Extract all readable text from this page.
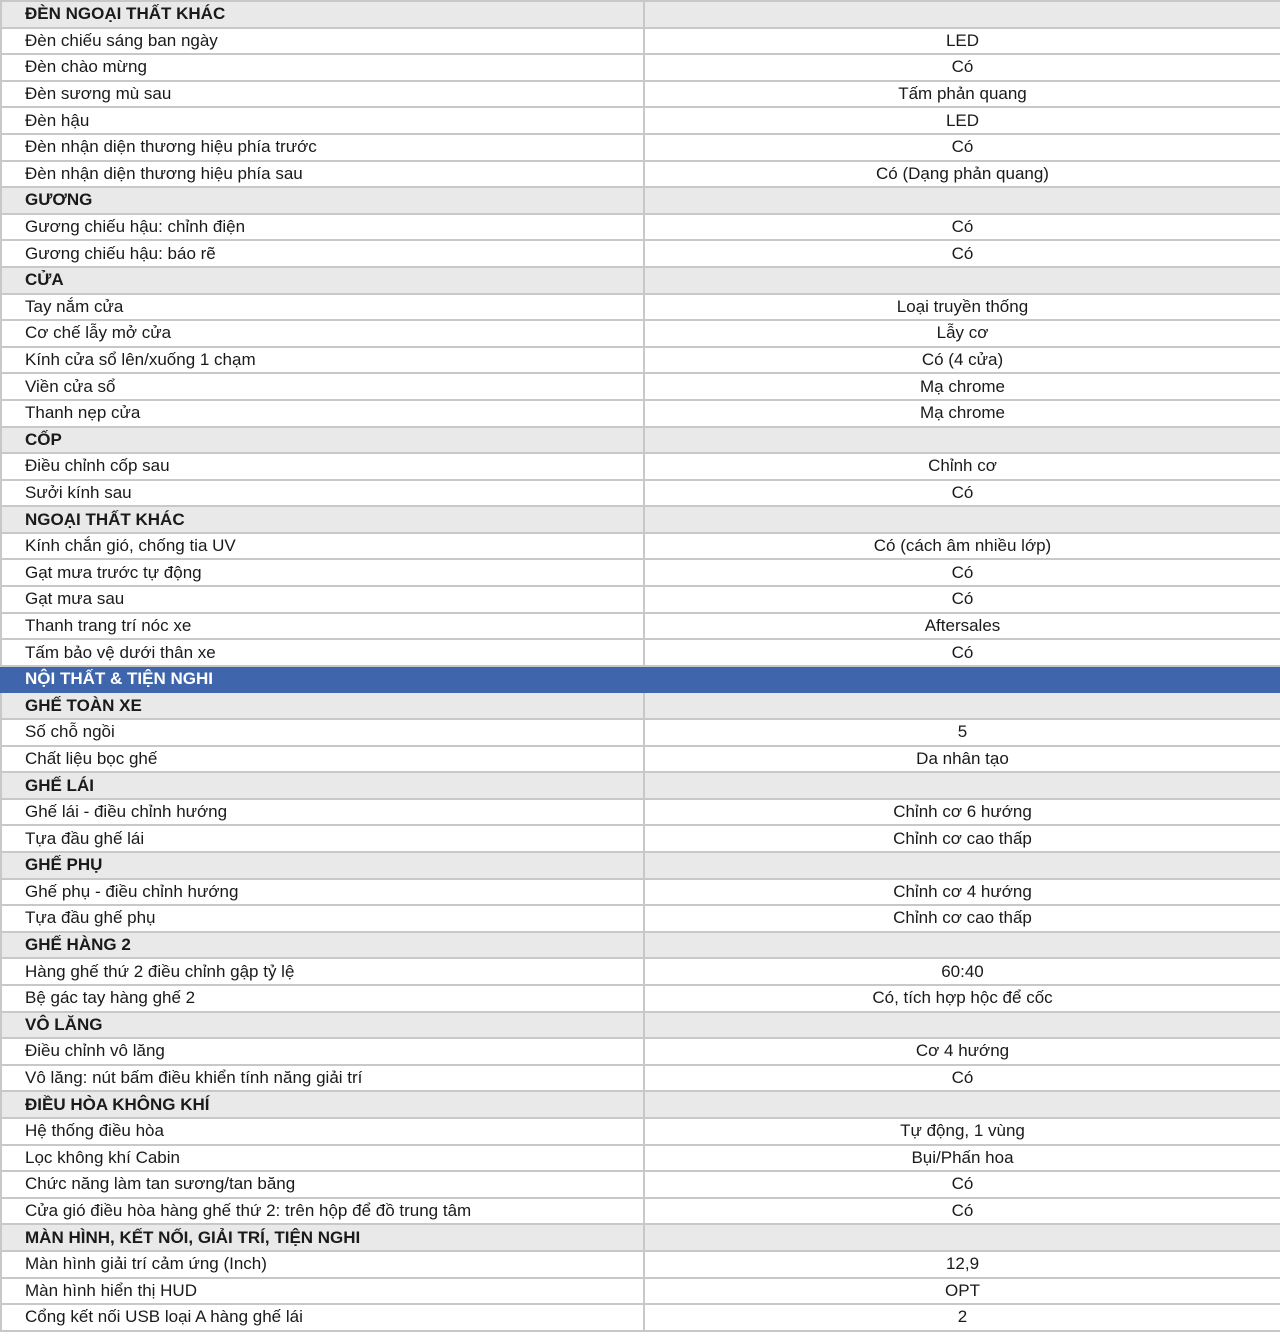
ĐÈN NGOẠI THẤT KHÁC	
Đèn chiếu sáng ban ngày	LED
Đèn chào mừng	Có
Đèn sương mù sau	Tấm phản quang
Đèn hậu	LED
Đèn nhận diện thương hiệu phía trước	Có
Đèn nhận diện thương hiệu phía sau	Có (Dạng phản quang)
GƯƠNG	
Gương chiếu hậu: chỉnh điện	Có
Gương chiếu hậu: báo rẽ	Có
CỬA	
Tay nắm cửa	Loại truyền thống
Cơ chế lẫy mở cửa	Lẫy cơ
Kính cửa sổ lên/xuống 1 chạm	Có (4 cửa)
Viền cửa sổ	Mạ chrome
Thanh nẹp cửa	Mạ chrome
CỐP	
Điều chỉnh cốp sau	Chỉnh cơ
Sưởi kính sau	Có
NGOẠI THẤT KHÁC	
Kính chắn gió, chống tia UV	Có (cách âm nhiều lớp)
Gạt mưa trước tự động	Có
Gạt mưa sau	Có
Thanh trang trí nóc xe	Aftersales
Tấm bảo vệ dưới thân xe	Có
NỘI THẤT & TIỆN NGHI	
GHẾ TOÀN XE	
Số chỗ ngồi	5
Chất liệu bọc ghế	Da nhân tạo
GHẾ LÁI	
Ghế lái - điều chỉnh hướng	Chỉnh cơ 6 hướng
Tựa đầu ghế lái	Chỉnh cơ cao thấp
GHẾ PHỤ	
Ghế phụ - điều chỉnh hướng	Chỉnh cơ 4 hướng
Tựa đầu ghế phụ	Chỉnh cơ cao thấp
GHẾ HÀNG 2	
Hàng ghế thứ 2 điều chỉnh gập tỷ lệ	60:40
Bệ gác tay hàng ghế 2	Có, tích hợp hộc để cốc
VÔ LĂNG	
Điều chỉnh vô lăng	Cơ 4 hướng
Vô lăng: nút bấm điều khiển tính năng giải trí	Có
ĐIỀU HÒA KHÔNG KHÍ	
Hệ thống điều hòa	Tự động, 1 vùng
Lọc không khí Cabin	Bụi/Phấn hoa
Chức năng làm tan sương/tan băng	Có
Cửa gió điều hòa hàng ghế thứ 2: trên hộp để đồ trung tâm	Có
MÀN HÌNH, KẾT NỐI, GIẢI TRÍ, TIỆN NGHI	
Màn hình giải trí cảm ứng (Inch)	12,9
Màn hình hiển thị HUD	OPT
Cổng kết nối USB loại A hàng ghế lái	2
